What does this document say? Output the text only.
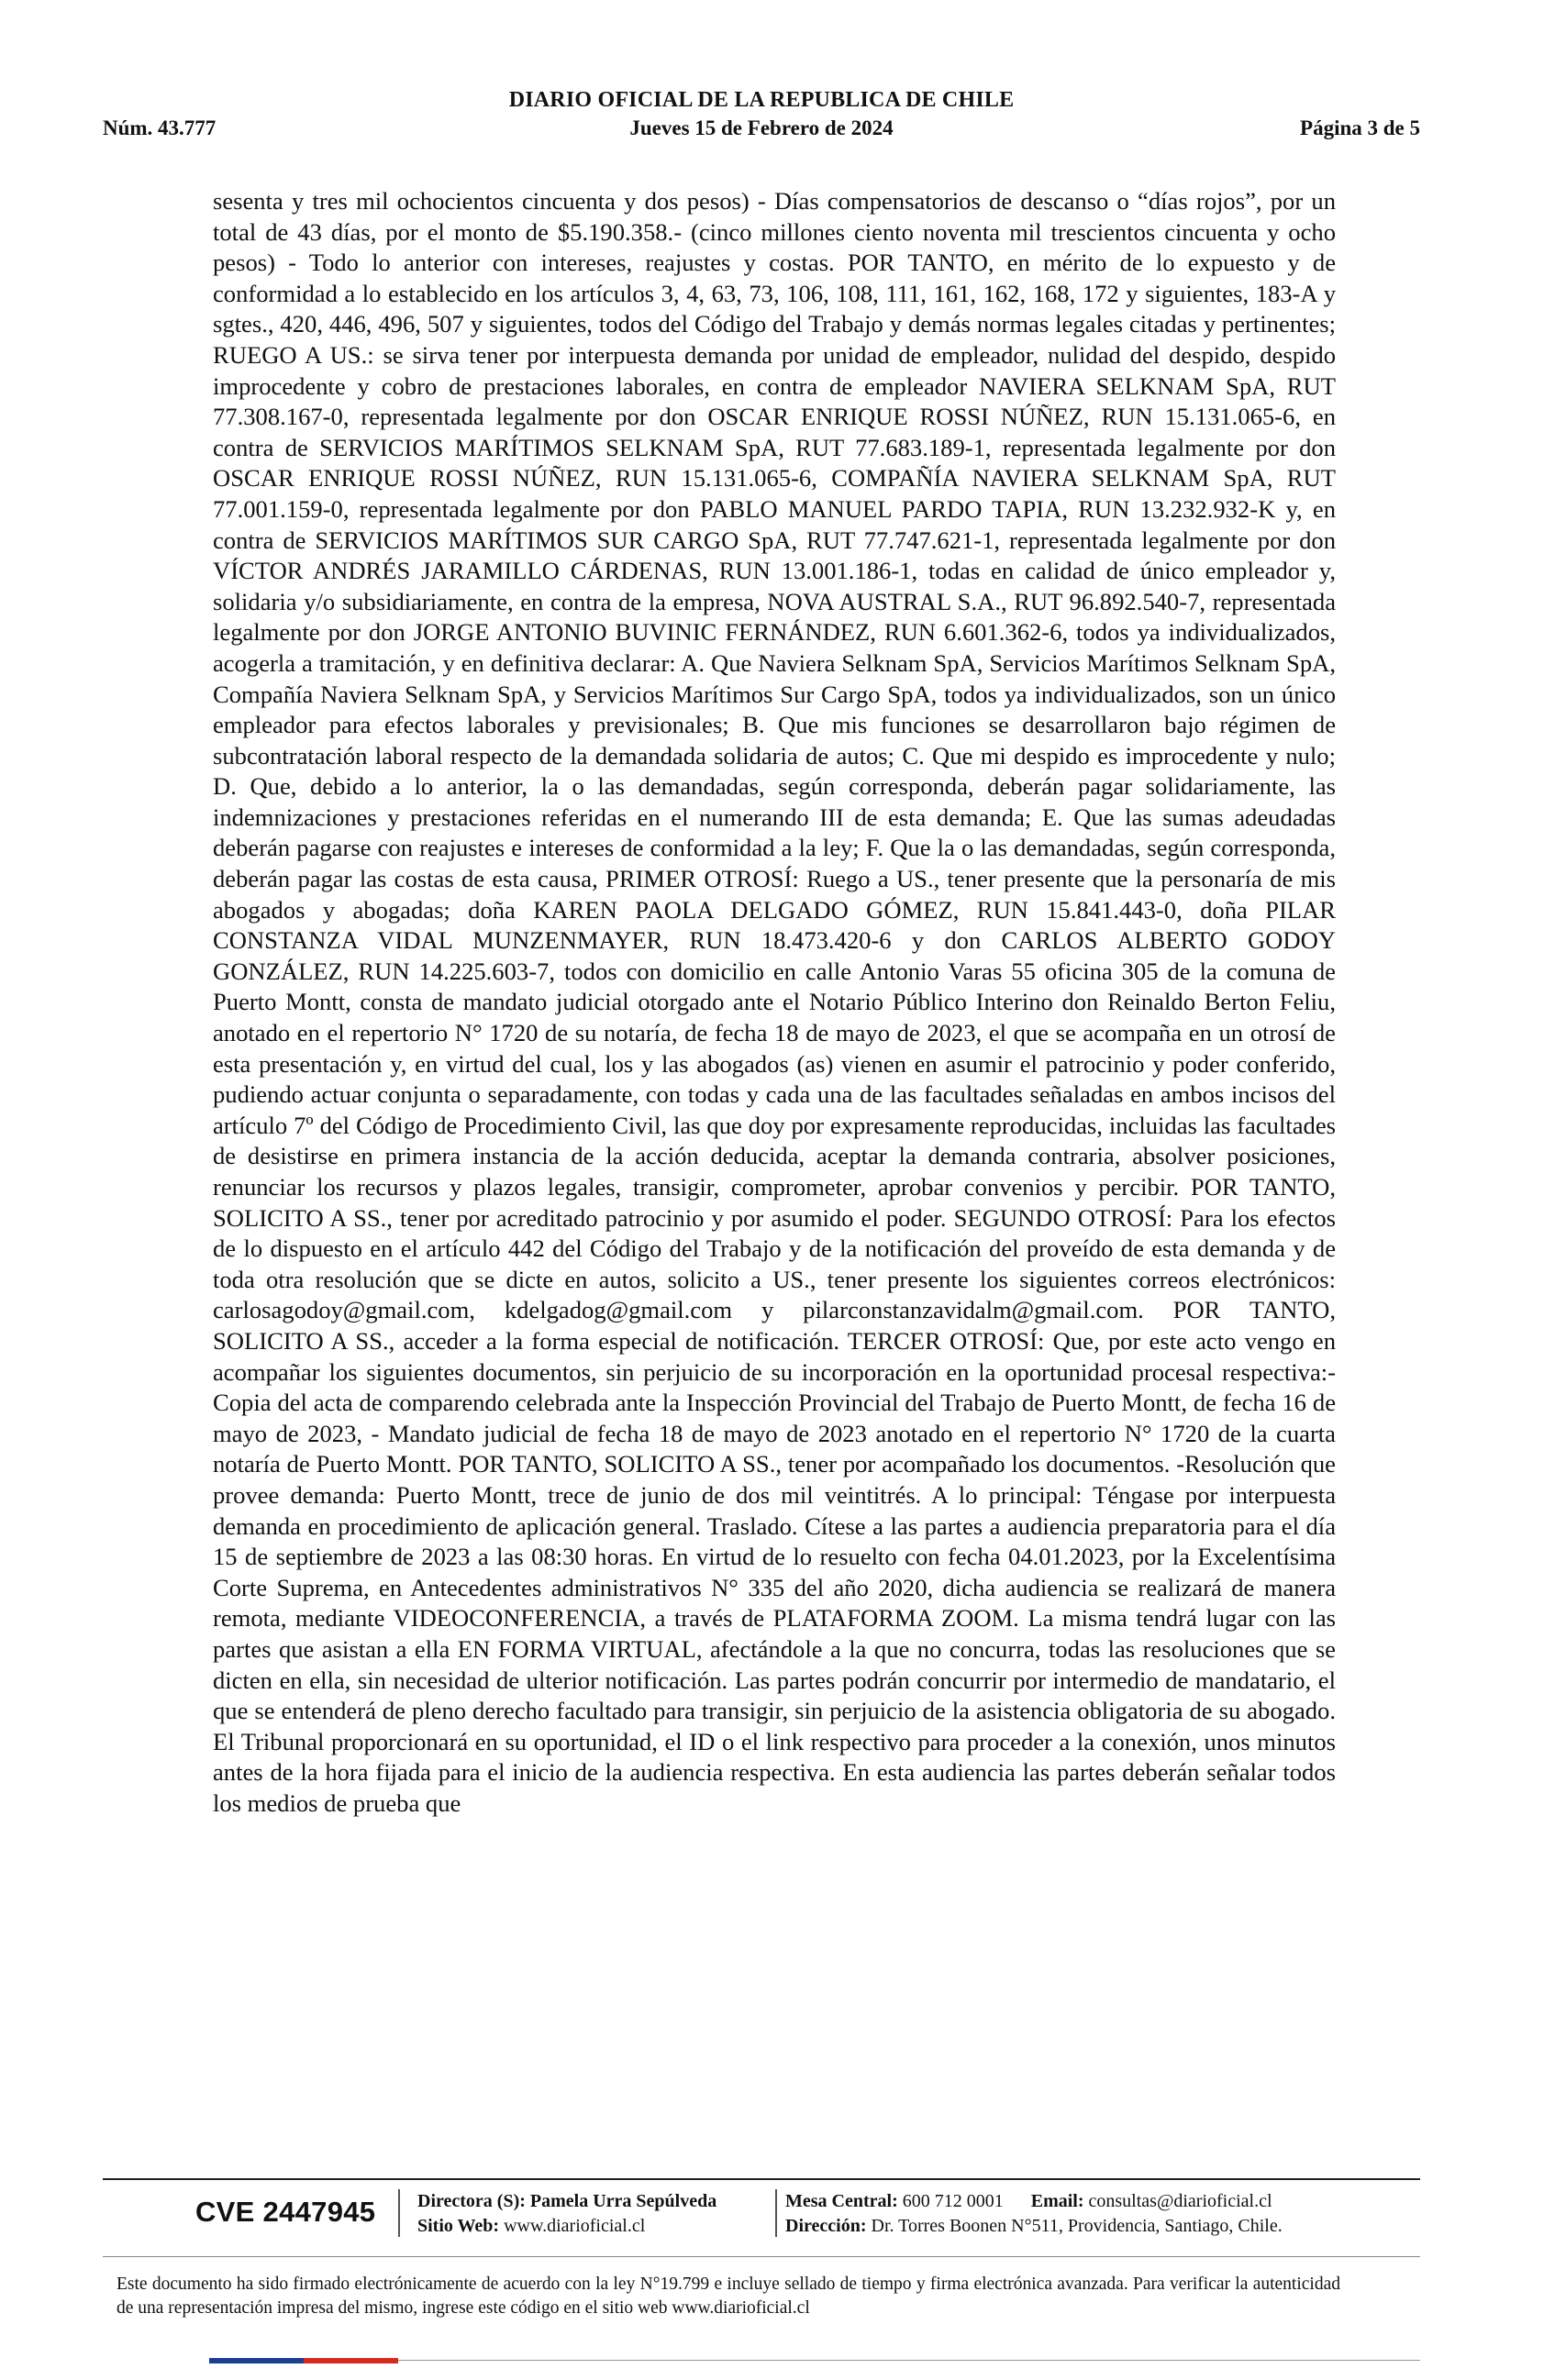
DIARIO OFICIAL DE LA REPUBLICA DE CHILE
Núm. 43.777	Jueves 15 de Febrero de 2024	Página 3 de 5
sesenta y tres mil ochocientos cincuenta y dos pesos) - Días compensatorios de descanso o “días rojos”, por un total de 43 días, por el monto de $5.190.358.- (cinco millones ciento noventa mil trescientos cincuenta y ocho pesos) - Todo lo anterior con intereses, reajustes y costas. POR TANTO, en mérito de lo expuesto y de conformidad a lo establecido en los artículos 3, 4, 63, 73, 106, 108, 111, 161, 162, 168, 172 y siguientes, 183-A y sgtes., 420, 446, 496, 507 y siguientes, todos del Código del Trabajo y demás normas legales citadas y pertinentes; RUEGO A US.: se sirva tener por interpuesta demanda por unidad de empleador, nulidad del despido, despido improcedente y cobro de prestaciones laborales, en contra de empleador NAVIERA SELKNAM SpA, RUT 77.308.167-0, representada legalmente por don OSCAR ENRIQUE ROSSI NÚÑEZ, RUN 15.131.065-6, en contra de SERVICIOS MARÍTIMOS SELKNAM SpA, RUT 77.683.189-1, representada legalmente por don OSCAR ENRIQUE ROSSI NÚÑEZ, RUN 15.131.065-6, COMPAÑÍA NAVIERA SELKNAM SpA, RUT 77.001.159-0, representada legalmente por don PABLO MANUEL PARDO TAPIA, RUN 13.232.932-K y, en contra de SERVICIOS MARÍTIMOS SUR CARGO SpA, RUT 77.747.621-1, representada legalmente por don VÍCTOR ANDRÉS JARAMILLO CÁRDENAS, RUN 13.001.186-1, todas en calidad de único empleador y, solidaria y/o subsidiariamente, en contra de la empresa, NOVA AUSTRAL S.A., RUT 96.892.540-7, representada legalmente por don JORGE ANTONIO BUVINIC FERNÁNDEZ, RUN 6.601.362-6, todos ya individualizados, acogerla a tramitación, y en definitiva declarar: A. Que Naviera Selknam SpA, Servicios Marítimos Selknam SpA, Compañía Naviera Selknam SpA, y Servicios Marítimos Sur Cargo SpA, todos ya individualizados, son un único empleador para efectos laborales y previsionales; B. Que mis funciones se desarrollaron bajo régimen de subcontratación laboral respecto de la demandada solidaria de autos; C. Que mi despido es improcedente y nulo; D. Que, debido a lo anterior, la o las demandadas, según corresponda, deberán pagar solidariamente, las indemnizaciones y prestaciones referidas en el numerando III de esta demanda; E. Que las sumas adeudadas deberán pagarse con reajustes e intereses de conformidad a la ley; F. Que la o las demandadas, según corresponda, deberán pagar las costas de esta causa, PRIMER OTROSÍ: Ruego a US., tener presente que la personaría de mis abogados y abogadas; doña KAREN PAOLA DELGADO GÓMEZ, RUN 15.841.443-0, doña PILAR CONSTANZA VIDAL MUNZENMAYER, RUN 18.473.420-6 y don CARLOS ALBERTO GODOY GONZÁLEZ, RUN 14.225.603-7, todos con domicilio en calle Antonio Varas 55 oficina 305 de la comuna de Puerto Montt, consta de mandato judicial otorgado ante el Notario Público Interino don Reinaldo Berton Feliu, anotado en el repertorio N° 1720 de su notaría, de fecha 18 de mayo de 2023, el que se acompaña en un otrosí de esta presentación y, en virtud del cual, los y las abogados (as) vienen en asumir el patrocinio y poder conferido, pudiendo actuar conjunta o separadamente, con todas y cada una de las facultades señaladas en ambos incisos del artículo 7º del Código de Procedimiento Civil, las que doy por expresamente reproducidas, incluidas las facultades de desistirse en primera instancia de la acción deducida, aceptar la demanda contraria, absolver posiciones, renunciar los recursos y plazos legales, transigir, comprometer, aprobar convenios y percibir. POR TANTO, SOLICITO A SS., tener por acreditado patrocinio y por asumido el poder. SEGUNDO OTROSÍ: Para los efectos de lo dispuesto en el artículo 442 del Código del Trabajo y de la notificación del proveído de esta demanda y de toda otra resolución que se dicte en autos, solicito a US., tener presente los siguientes correos electrónicos: carlosagodoy@gmail.com, kdelgadog@gmail.com y pilarconstanzavidalm@gmail.com. POR TANTO, SOLICITO A SS., acceder a la forma especial de notificación. TERCER OTROSÍ: Que, por este acto vengo en acompañar los siguientes documentos, sin perjuicio de su incorporación en la oportunidad procesal respectiva:- Copia del acta de comparendo celebrada ante la Inspección Provincial del Trabajo de Puerto Montt, de fecha 16 de mayo de 2023, - Mandato judicial de fecha 18 de mayo de 2023 anotado en el repertorio N° 1720 de la cuarta notaría de Puerto Montt. POR TANTO, SOLICITO A SS., tener por acompañado los documentos. -Resolución que provee demanda: Puerto Montt, trece de junio de dos mil veintitrés. A lo principal: Téngase por interpuesta demanda en procedimiento de aplicación general. Traslado. Cítese a las partes a audiencia preparatoria para el día 15 de septiembre de 2023 a las 08:30 horas. En virtud de lo resuelto con fecha 04.01.2023, por la Excelentísima Corte Suprema, en Antecedentes administrativos N° 335 del año 2020, dicha audiencia se realizará de manera remota, mediante VIDEOCONFERENCIA, a través de PLATAFORMA ZOOM. La misma tendrá lugar con las partes que asistan a ella EN FORMA VIRTUAL, afectándole a la que no concurra, todas las resoluciones que se dicten en ella, sin necesidad de ulterior notificación. Las partes podrán concurrir por intermedio de mandatario, el que se entenderá de pleno derecho facultado para transigir, sin perjuicio de la asistencia obligatoria de su abogado. El Tribunal proporcionará en su oportunidad, el ID o el link respectivo para proceder a la conexión, unos minutos antes de la hora fijada para el inicio de la audiencia respectiva. En esta audiencia las partes deberán señalar todos los medios de prueba que
CVE 2447945 Directora (S): Pamela Urra Sepúlveda
Sitio Web: www.diarioficial.cl
Mesa Central: 600 712 0001 Email: consultas@diarioficial.cl
Dirección: Dr. Torres Boonen N°511, Providencia, Santiago, Chile.
Este documento ha sido firmado electrónicamente de acuerdo con la ley N°19.799 e incluye sellado de tiempo y firma electrónica avanzada. Para verificar la autenticidad de una representación impresa del mismo, ingrese este código en el sitio web www.diarioficial.cl
